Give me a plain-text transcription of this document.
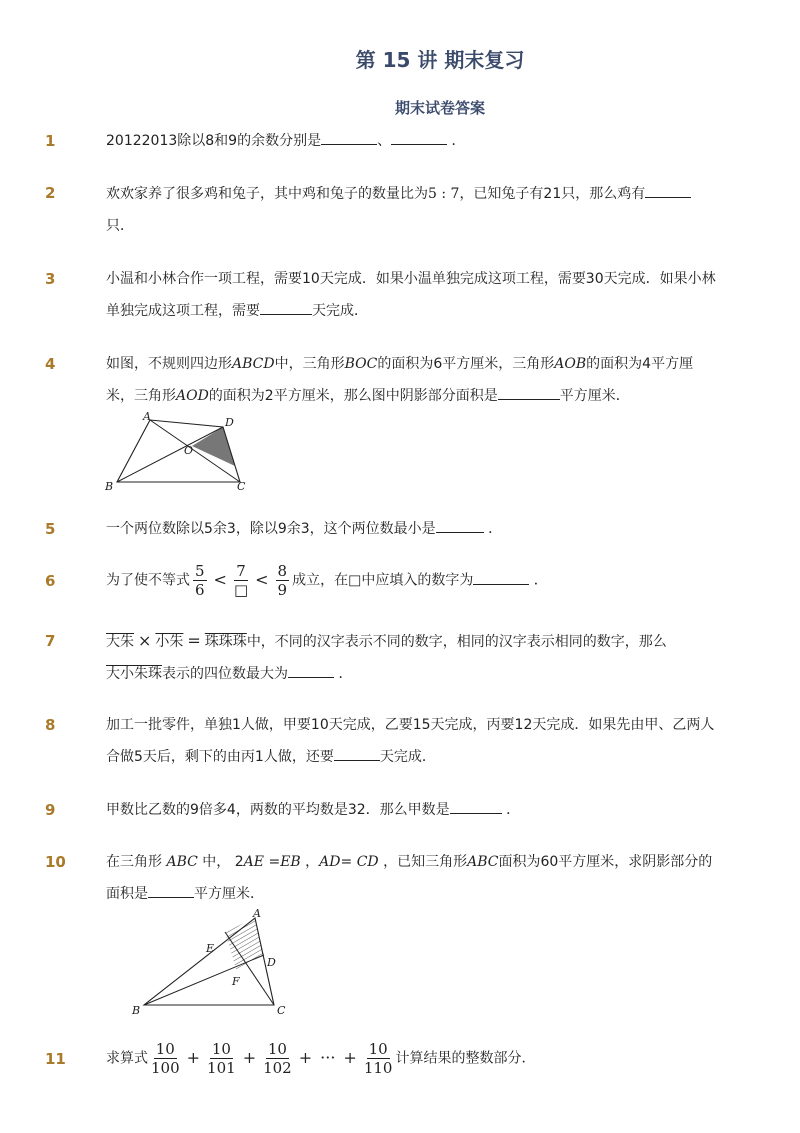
第 15 讲 期末复习
期末试卷答案
1	20122013除以8和9的余数分别是	、	．
2	欢欢家养了很多鸡和兔子，其中鸡和兔子的数量比为5 : 7，已知兔子有21只，那么鸡有
只．
3	小温和小林合作一项工程，需要10天完成．如果小温单独完成这项工程，需要30天完成．如果小林单独完成这项工程，需要	天完成．
4	如图，不规则四边形ABCD中，三角形BOC的面积为6平方厘米，三角形AOB的面积为4平方厘米，三角形AOD的面积为2平方厘米，那么图中阴影部分面积是	平方厘米．
A	D
O
B	C
5	一个两位数除以5余3，除以9余3，这个两位数最小是	．
6	为了使不等式 $\frac{5}{6} < \frac{7}{□} < \frac{8}{9}$ 成立，在□中应填入的数字为	．
7	大朱 × 小朱 = 珠珠珠中，不同的汉字表示不同的数字，相同的汉字表示相同的数字，那么
大小朱珠表示的四位数最大为	．
8	加工一批零件，单独1人做，甲要10天完成，乙要15天完成，丙要12天完成．如果先由甲、乙两人合做5天后，剩下的由丙1人做，还要	天完成．
9	甲数比乙数的9倍多4，两数的平均数是32．那么甲数是	．
10	在三角形 ABC 中， 2AE =EB ，AD= CD ，已知三角形ABC面积为60平方厘米，求阴影部分的面积是	平方厘米．
A
E
D
F
B	C
11	求算式 $\frac{10}{100} + \frac{10}{101} + \frac{10}{102}$ + ··· + $\frac{10}{110}$ 计算结果的整数部分．
